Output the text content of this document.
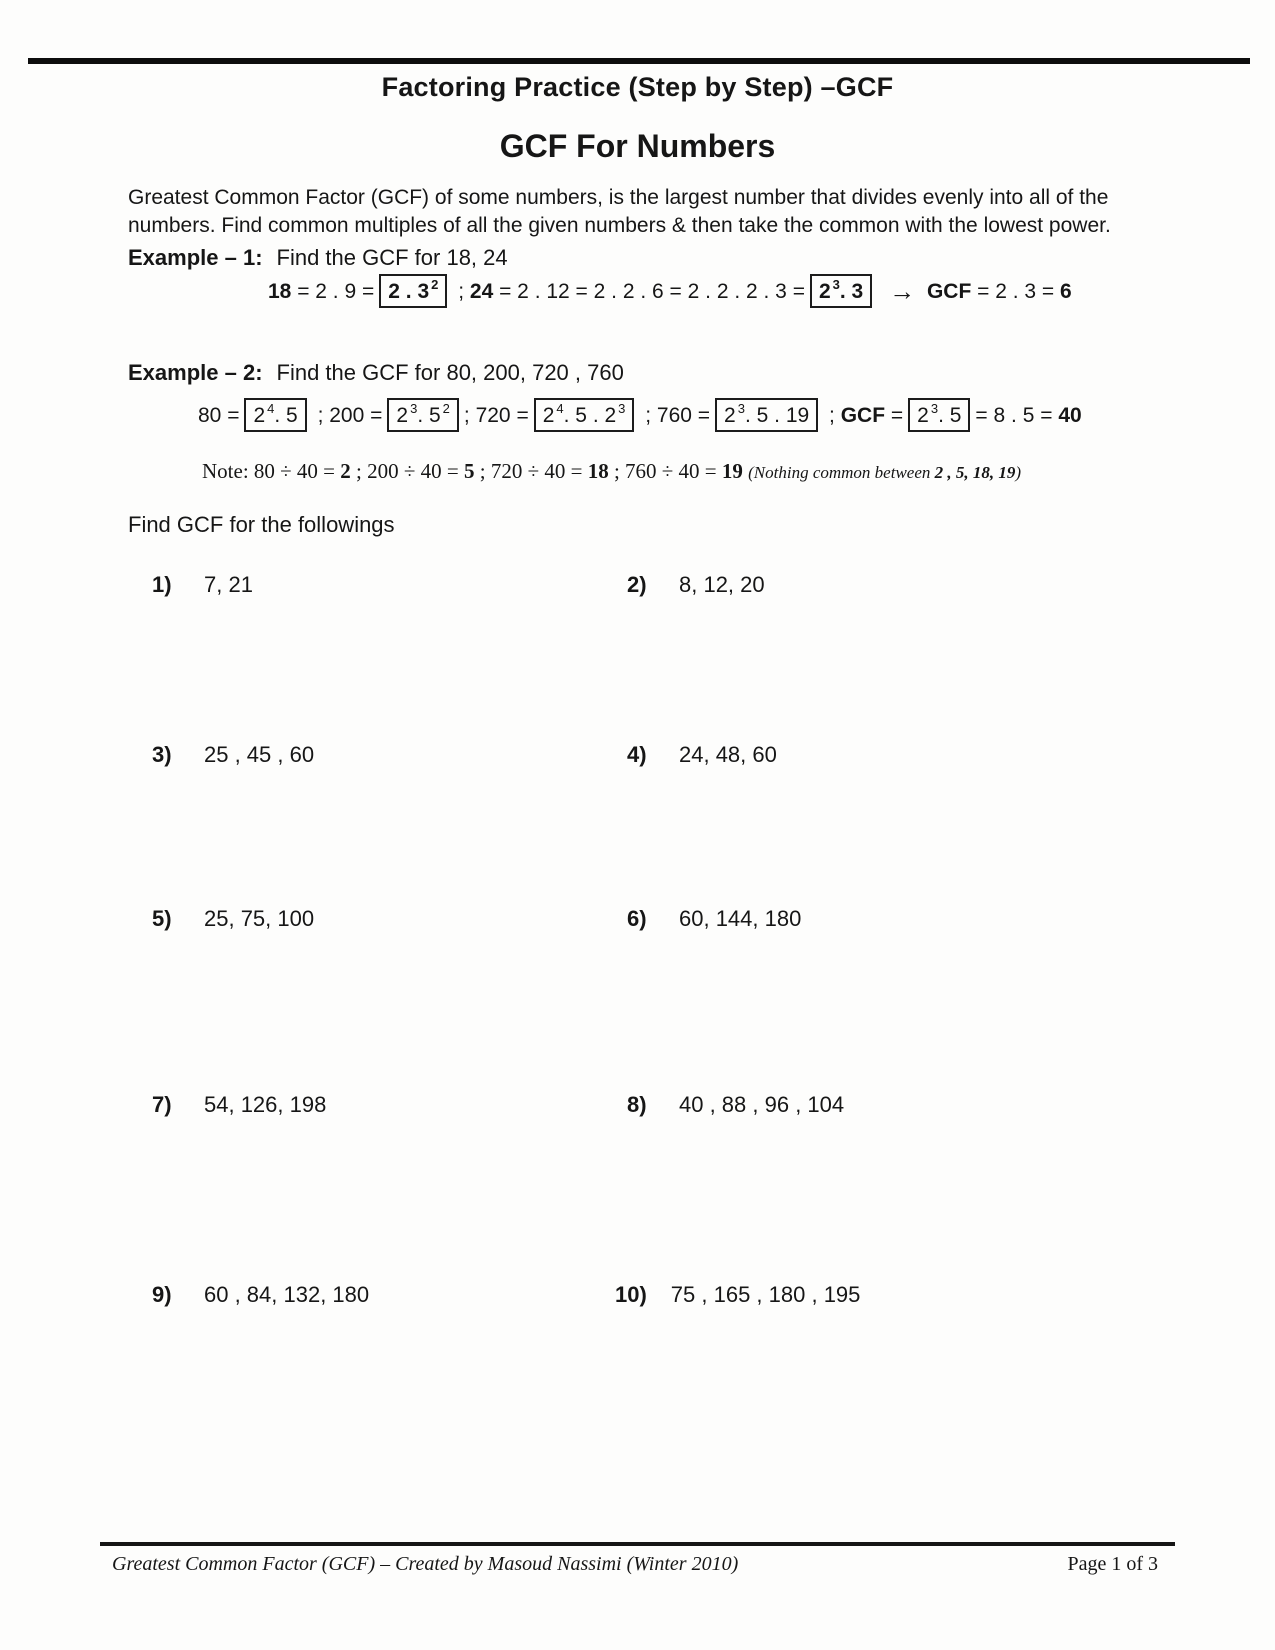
Factoring Practice (Step by Step) –GCF
GCF For Numbers
Greatest Common Factor (GCF) of some numbers, is the largest number that divides evenly into all of the
numbers. Find common multiples of all the given numbers & then take the common with the lowest power.
Example – 1: Find the GCF for 18, 24
18 = 2 . 9 = 2 . 3 $^2$ ; 24 = 2 . 12 = 2 . 2 . 6 = 2 . 2 . 2 . 3 = 2 $^3$. 3 → GCF = 2 . 3 = 6
Example – 2: Find the GCF for 80, 200, 720 , 760
80 = 2 $^4$. 5 ; 200 = 2 $^3$. 5 $^2$ ; 720 = 2 $^4$. 5 . 2 $^3$ ; 760 = 2 $^3$. 5 . 19 ; GCF = 2 $^3$. 5 = 8 . 5 = 40
Note: 80 ÷ 40 = 2 ; 200 ÷ 40 = 5 ; 720 ÷ 40 = 18 ; 760 ÷ 40 = 19 (Nothing common between 2 , 5, 18, 19)
Find GCF for the followings
1) 7, 21	2) 8, 12, 20
3) 25 , 45 , 60	4) 24, 48, 60
5) 25, 75, 100	6) 60, 144, 180
7) 54, 126, 198	8) 40 , 88 , 96 , 104
9) 60 , 84, 132, 180	10) 75 , 165 , 180 , 195
Greatest Common Factor (GCF) – Created by Masoud Nassimi (Winter 2010)	Page 1 of 3
